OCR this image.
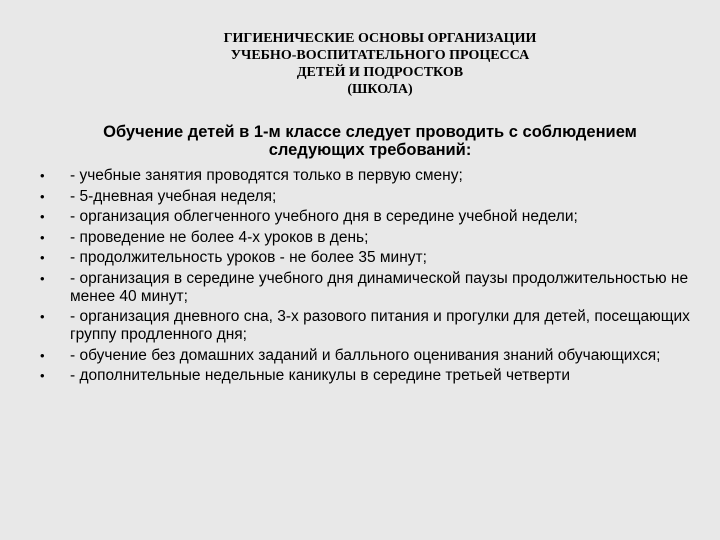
ГИГИЕНИЧЕСКИЕ ОСНОВЫ ОРГАНИЗАЦИИ
УЧЕБНО-ВОСПИТАТЕЛЬНОГО ПРОЦЕССА
ДЕТЕЙ И ПОДРОСТКОВ
(ШКОЛА)
Обучение детей в 1-м классе следует проводить с соблюдением следующих требований:
• - учебные занятия проводятся только в первую смену;
• - 5-дневная учебная неделя;
• - организация облегченного учебного дня в середине учебной недели;
• - проведение не более 4-х уроков в день;
• - продолжительность уроков - не более 35 минут;
• - организация в середине учебного дня динамической паузы продолжительностью не менее 40 минут;
• - организация дневного сна, 3-х разового питания и прогулки для детей, посещающих группу продленного дня;
• - обучение без домашних заданий и балльного оценивания знаний обучающихся;
• - дополнительные недельные каникулы в середине третьей четверти
